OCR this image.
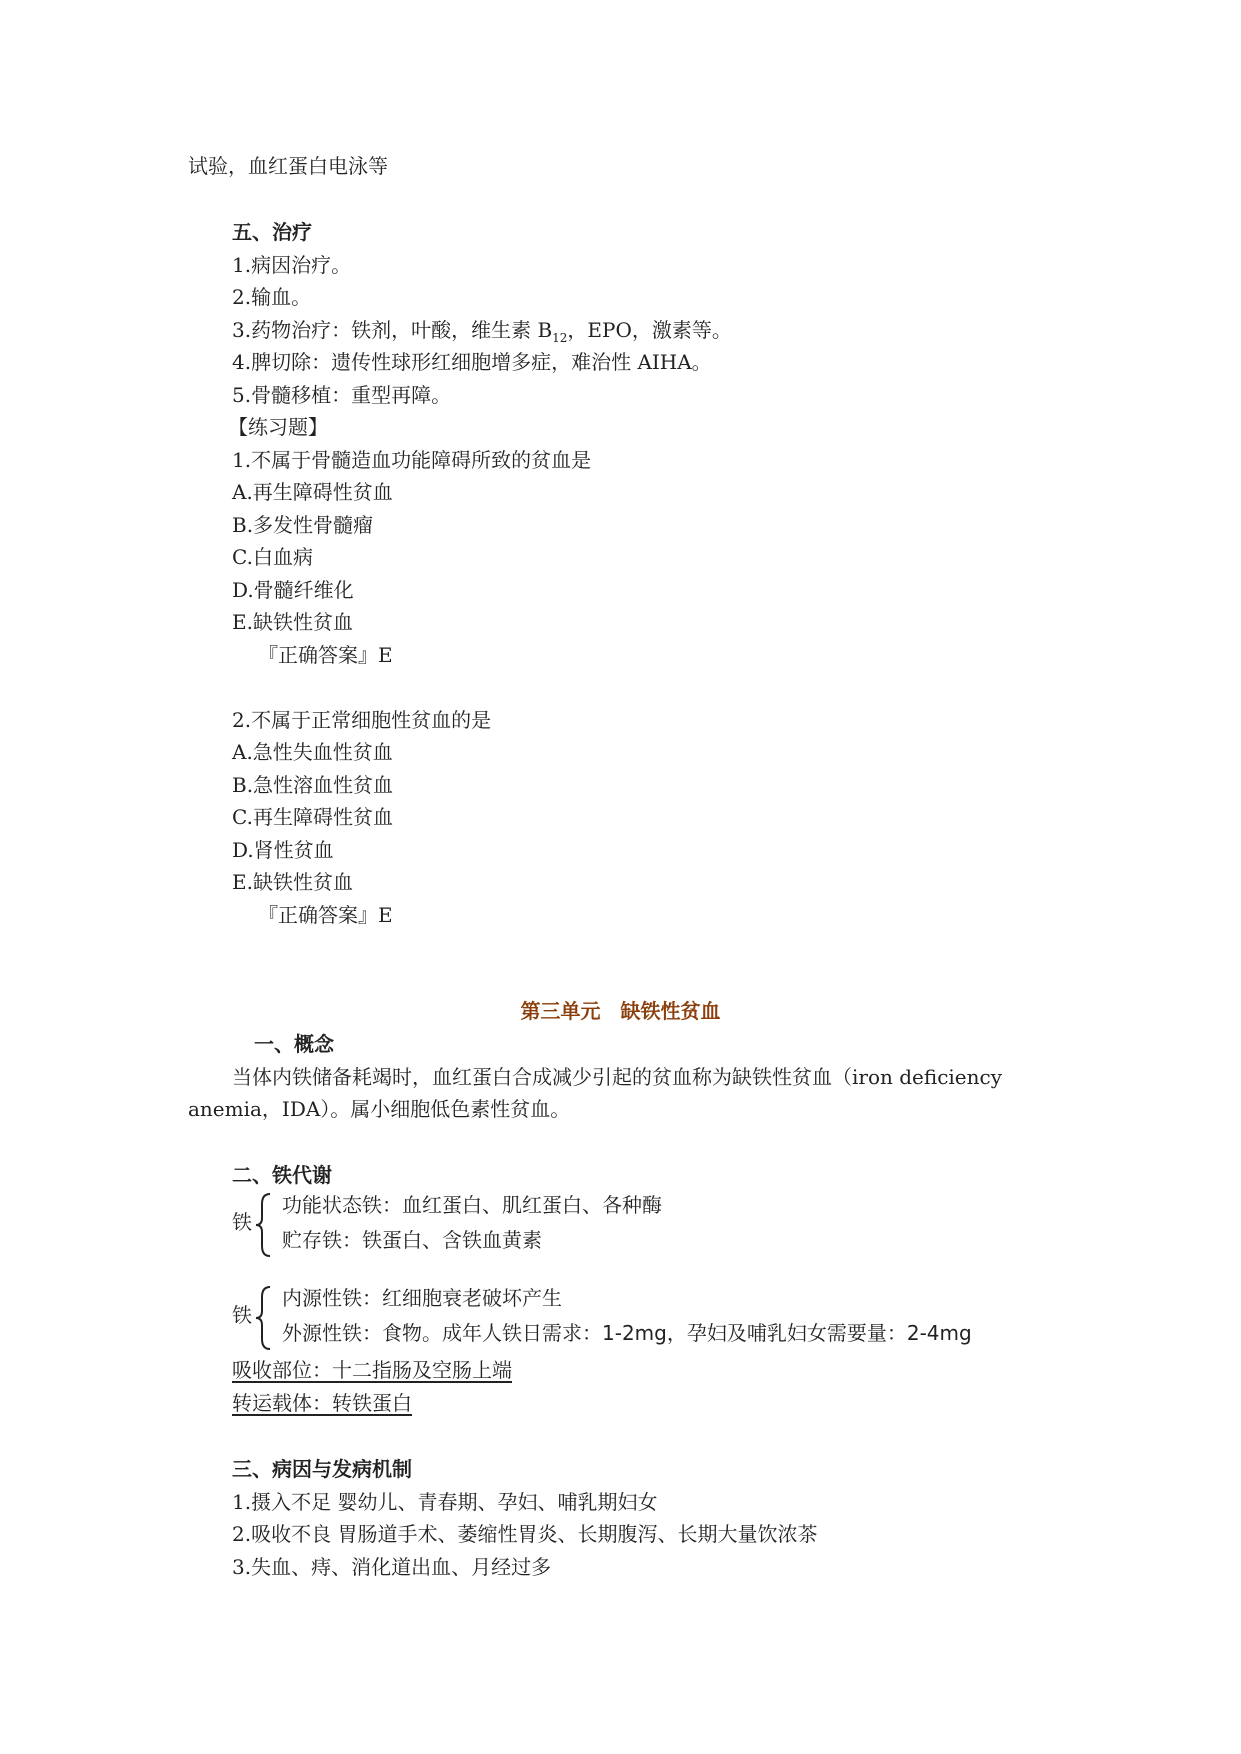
试验，血红蛋白电泳等
五、治疗
1.病因治疗。
2.输血。
3.药物治疗：铁剂，叶酸，维生素 $B_{12}$，EPO，激素等。
4.脾切除：遗传性球形红细胞增多症，难治性 AIHA。
5.骨髓移植：重型再障。
【练习题】
1.不属于骨髓造血功能障碍所致的贫血是
A.再生障碍性贫血
B.多发性骨髓瘤
C.白血病
D.骨髓纤维化
E.缺铁性贫血
『正确答案』E
2.不属于正常细胞性贫血的是
A.急性失血性贫血
B.急性溶血性贫血
C.再生障碍性贫血
D.肾性贫血
E.缺铁性贫血
『正确答案』E
第三单元　缺铁性贫血
一、概念
当体内铁储备耗竭时，血红蛋白合成减少引起的贫血称为缺铁性贫血（iron deficiency
anemia，IDA）。属小细胞低色素性贫血。
二、铁代谢
铁
功能状态铁：血红蛋白、肌红蛋白、各种酶
贮存铁：铁蛋白、含铁血黄素
铁
内源性铁：红细胞衰老破坏产生
外源性铁：食物。成年人铁日需求：1-2mg，孕妇及哺乳妇女需要量：2-4mg
吸收部位：十二指肠及空肠上端
转运载体：转铁蛋白
三、病因与发病机制
1.摄入不足 婴幼儿、青春期、孕妇、哺乳期妇女
2.吸收不良 胃肠道手术、萎缩性胃炎、长期腹泻、长期大量饮浓茶
3.失血、痔、消化道出血、月经过多
